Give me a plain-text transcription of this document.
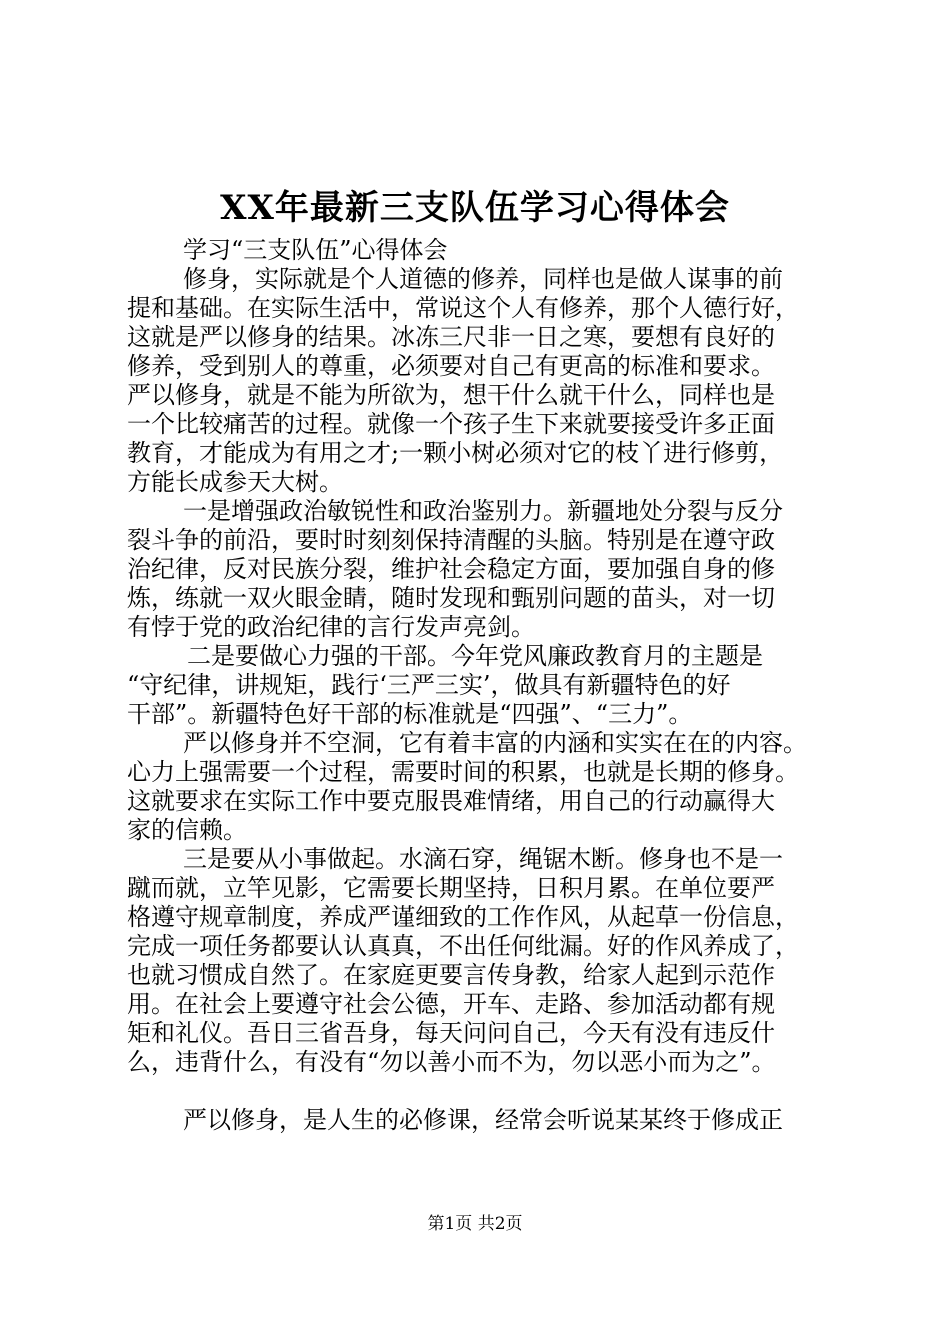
XX年最新三支队伍学习心得体会
学习“三支队伍”心得体会
修身，实际就是个人道德的修养，同样也是做人谋事的前
提和基础。在实际生活中，常说这个人有修养，那个人德行好，
这就是严以修身的结果。冰冻三尺非一日之寒，要想有良好的
修养，受到别人的尊重，必须要对自己有更高的标准和要求。
严以修身，就是不能为所欲为，想干什么就干什么，同样也是
一个比较痛苦的过程。就像一个孩子生下来就要接受许多正面
教育，才能成为有用之才;一颗小树必须对它的枝丫进行修剪，
方能长成参天大树。
一是增强政治敏锐性和政治鉴别力。新疆地处分裂与反分
裂斗争的前沿，要时时刻刻保持清醒的头脑。特别是在遵守政
治纪律，反对民族分裂，维护社会稳定方面，要加强自身的修
炼，练就一双火眼金睛，随时发现和甄别问题的苗头，对一切
有悖于党的政治纪律的言行发声亮剑。
二是要做心力强的干部。今年党风廉政教育月的主题是
“守纪律，讲规矩，践行‘三严三实’，做具有新疆特色的好
干部”。新疆特色好干部的标准就是“四强”、“三力”。
严以修身并不空洞，它有着丰富的内涵和实实在在的内容。
心力上强需要一个过程，需要时间的积累，也就是长期的修身。
这就要求在实际工作中要克服畏难情绪，用自己的行动赢得大
家的信赖。
三是要从小事做起。水滴石穿，绳锯木断。修身也不是一
蹴而就，立竿见影，它需要长期坚持，日积月累。在单位要严
格遵守规章制度，养成严谨细致的工作作风，从起草一份信息，
完成一项任务都要认认真真，不出任何纰漏。好的作风养成了，
也就习惯成自然了。在家庭更要言传身教，给家人起到示范作
用。在社会上要遵守社会公德，开车、走路、参加活动都有规
矩和礼仪。吾日三省吾身，每天问问自己，今天有没有违反什
么，违背什么，有没有“勿以善小而不为，勿以恶小而为之”。
严以修身，是人生的必修课，经常会听说某某终于修成正
第1页 共2页
